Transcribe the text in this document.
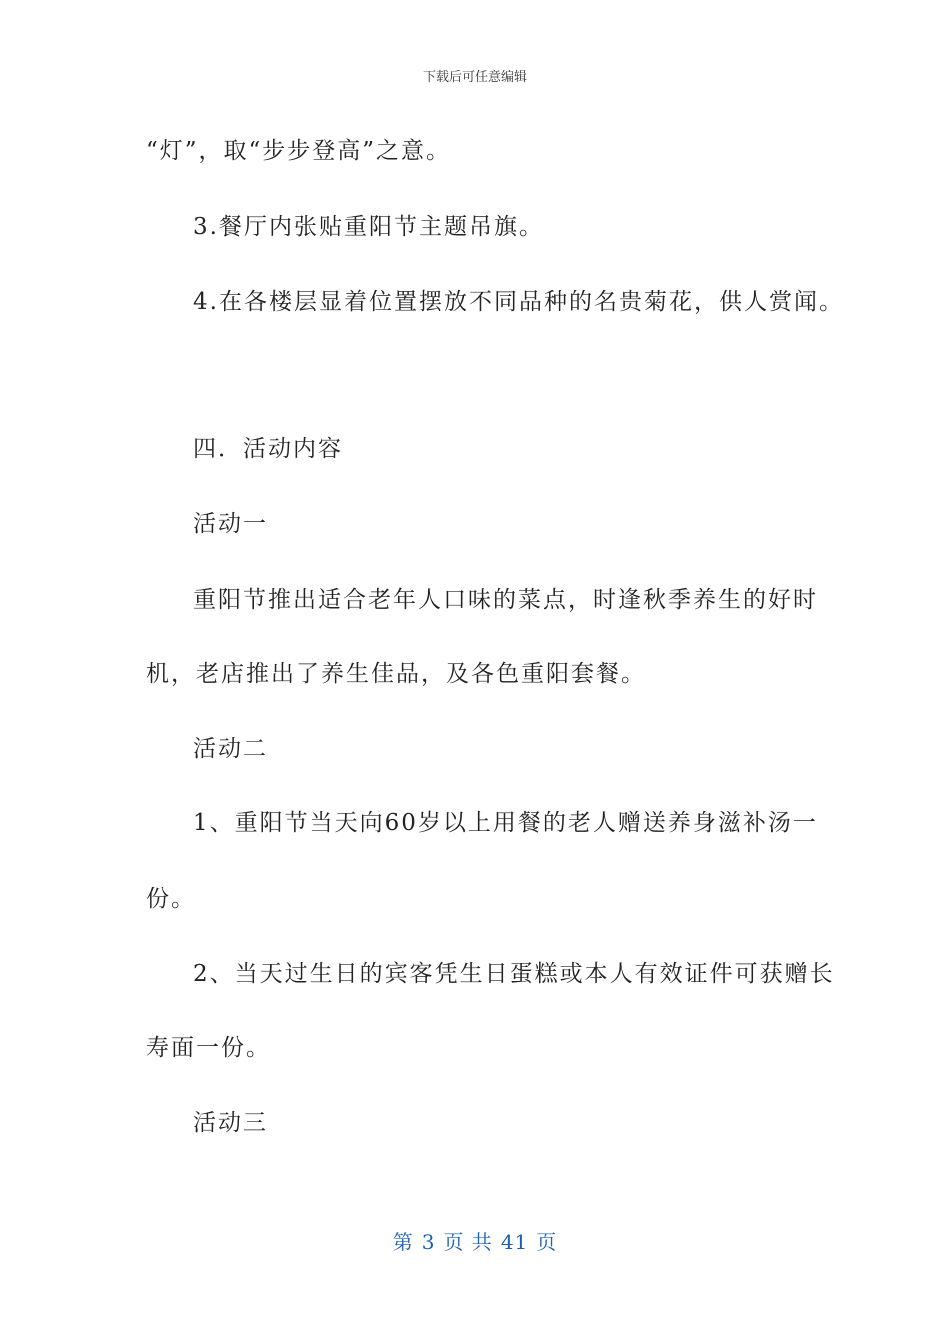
下载后可任意编辑
“灯”，取“步步登高”之意。
3.餐厅内张贴重阳节主题吊旗。
4.在各楼层显着位置摆放不同品种的名贵菊花，供人赏闻。
四．活动内容
活动一
重阳节推出适合老年人口味的菜点，时逢秋季养生的好时
机，老店推出了养生佳品，及各色重阳套餐。
活动二
1、重阳节当天向60岁以上用餐的老人赠送养身滋补汤一
份。
2、当天过生日的宾客凭生日蛋糕或本人有效证件可获赠长
寿面一份。
活动三
第 3 页 共 41 页
